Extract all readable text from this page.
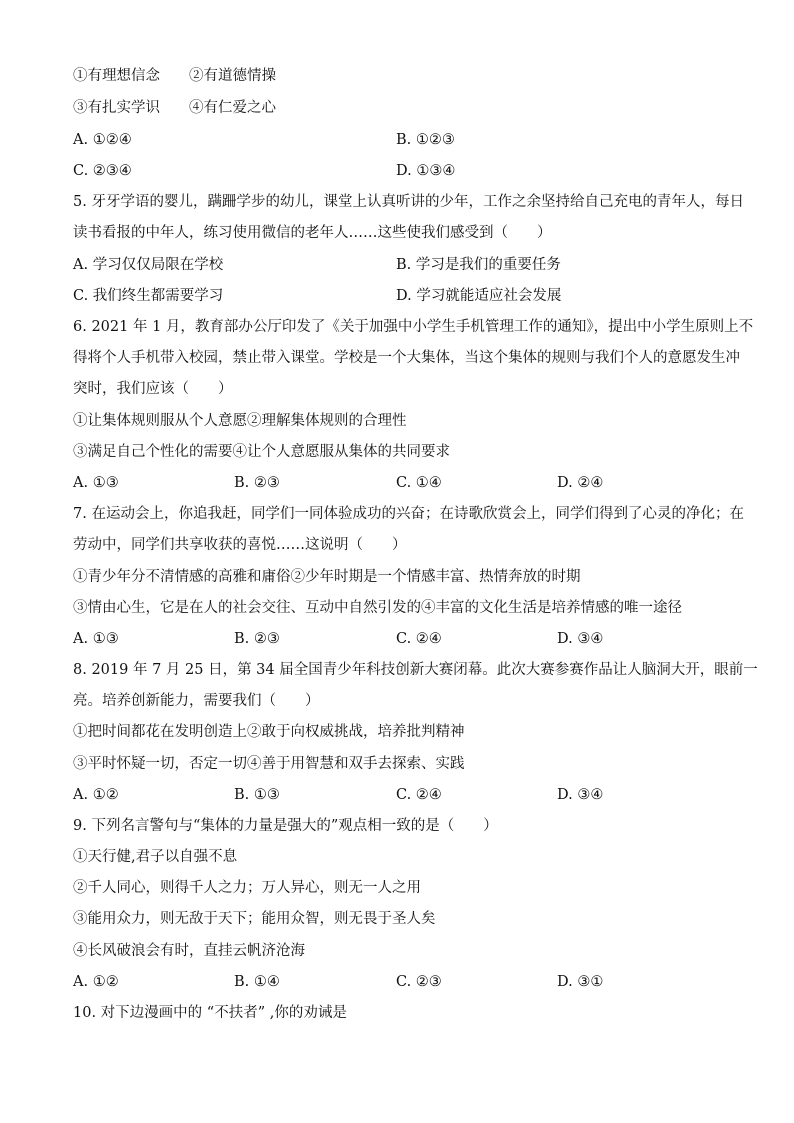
①有理想信念　　②有道德情操
③有扎实学识　　④有仁爱之心
A. ①②④	B. ①②③
C. ②③④	D. ①③④
5. 牙牙学语的婴儿，蹒跚学步的幼儿，课堂上认真听讲的少年，工作之余坚持给自己充电的青年人，每日
读书看报的中年人，练习使用微信的老年人……这些使我们感受到（　　）
A. 学习仅仅局限在学校	B. 学习是我们的重要任务
C. 我们终生都需要学习	D. 学习就能适应社会发展
6. 2021 年 1 月，教育部办公厅印发了《关于加强中小学生手机管理工作的通知》，提出中小学生原则上不
得将个人手机带入校园，禁止带入课堂。学校是一个大集体，当这个集体的规则与我们个人的意愿发生冲
突时，我们应该（　　）
①让集体规则服从个人意愿②理解集体规则的合理性
③满足自己个性化的需要④让个人意愿服从集体的共同要求
A. ①③	B. ②③	C. ①④	D. ②④
7. 在运动会上，你追我赶，同学们一同体验成功的兴奋；在诗歌欣赏会上，同学们得到了心灵的净化；在
劳动中，同学们共享收获的喜悦……这说明（　　）
①青少年分不清情感的高雅和庸俗②少年时期是一个情感丰富、热情奔放的时期
③情由心生，它是在人的社会交往、互动中自然引发的④丰富的文化生活是培养情感的唯一途径
A. ①③	B. ②③	C. ②④	D. ③④
8. 2019 年 7 月 25 日，第 34 届全国青少年科技创新大赛闭幕。此次大赛参赛作品让人脑洞大开，眼前一
亮。培养创新能力，需要我们（　　）
①把时间都花在发明创造上②敢于向权威挑战，培养批判精神
③平时怀疑一切，否定一切④善于用智慧和双手去探索、实践
A. ①②	B. ①③	C. ②④	D. ③④
9. 下列名言警句与“集体的力量是强大的”观点相一致的是（　　）
①天行健,君子以自强不息
②千人同心，则得千人之力；万人异心，则无一人之用
③能用众力，则无敌于天下；能用众智，则无畏于圣人矣
④长风破浪会有时，直挂云帆济沧海
A. ①②	B. ①④	C. ②③	D. ③①
10. 对下边漫画中的 “不扶者” ,你的劝诫是
